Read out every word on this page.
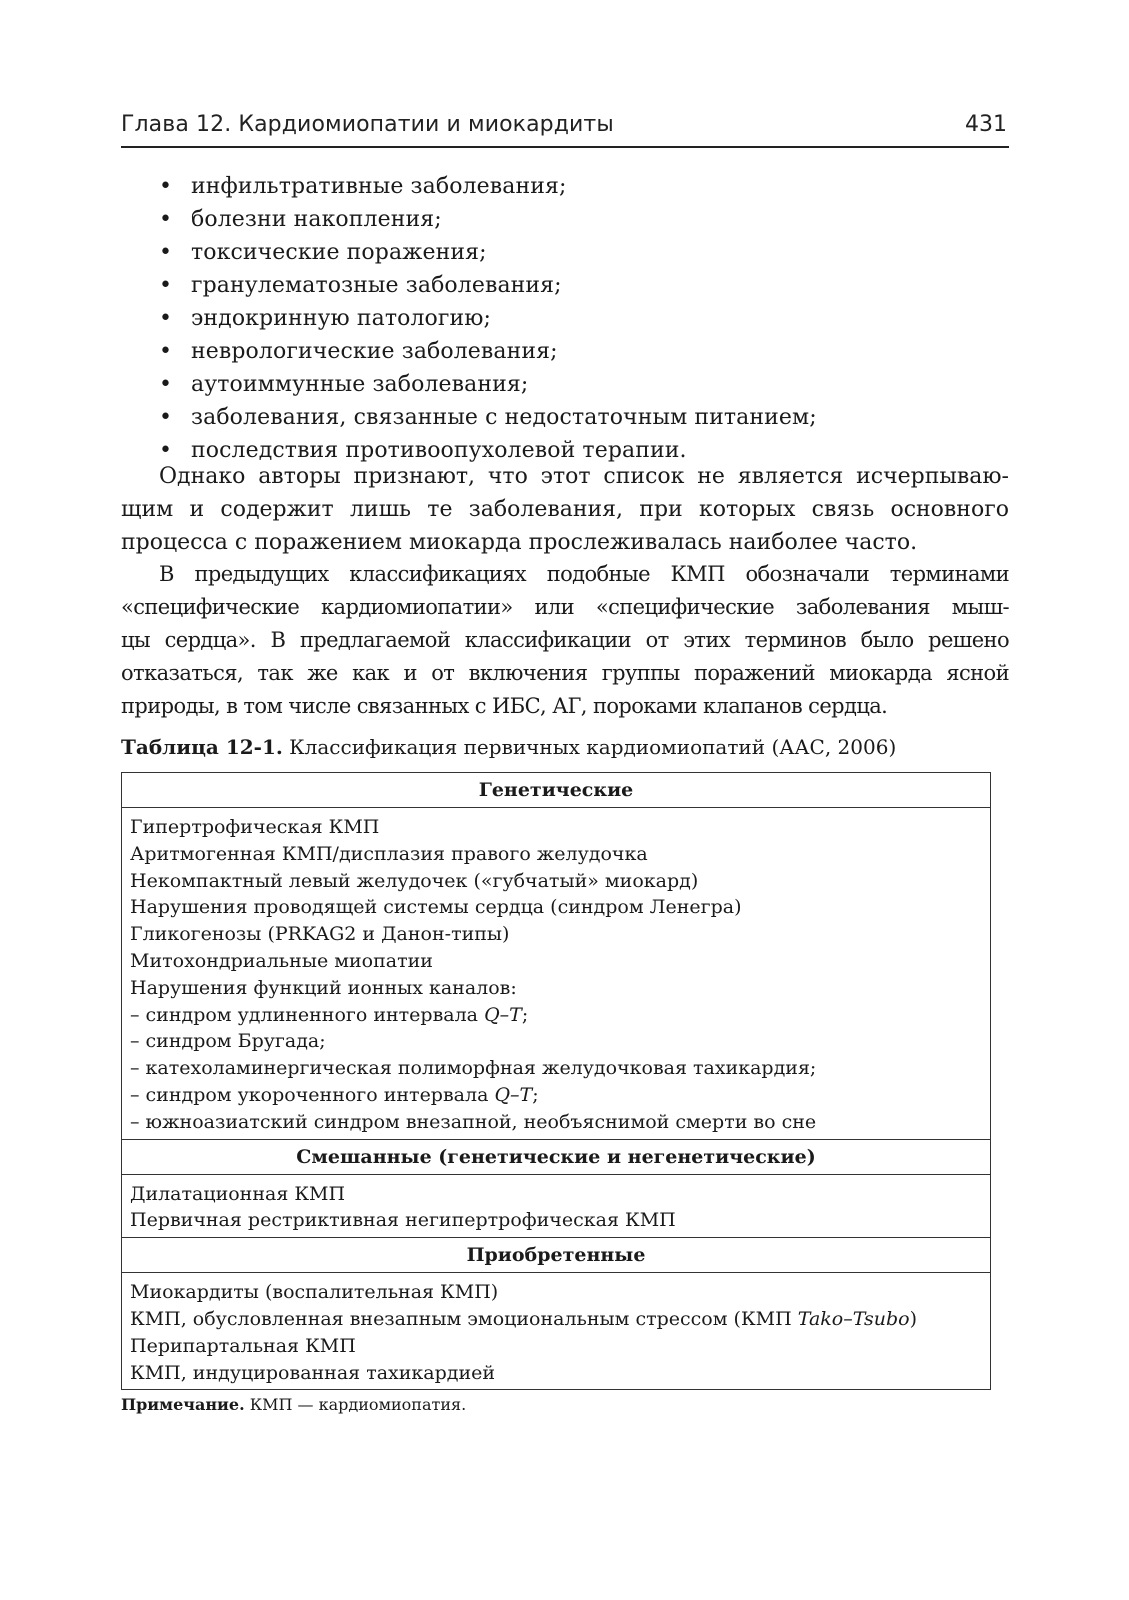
Глава 12. Кардиомиопатии и миокардиты	431
• инфильтративные заболевания;
• болезни накопления;
• токсические поражения;
• гранулематозные заболевания;
• эндокринную патологию;
• неврологические заболевания;
• аутоиммунные заболевания;
• заболевания, связанные с недостаточным питанием;
• последствия противоопухолевой терапии.
Однако авторы признают, что этот список не является исчерпываю-
щим и содержит лишь те заболевания, при которых связь основного
процесса с поражением миокарда прослеживалась наиболее часто.
В предыдущих классификациях подобные КМП обозначали терминами
«специфические кардиомиопатии» или «специфические заболевания мыш-
цы сердца». В предлагаемой классификации от этих терминов было решено
отказаться, так же как и от включения группы поражений миокарда ясной
природы, в том числе связанных с ИБС, АГ, пороками клапанов сердца.
Таблица 12-1. Классификация первичных кардиомиопатий (ААС, 2006)
Генетические
Гипертрофическая КМП
Аритмогенная КМП/дисплазия правого желудочка
Некомпактный левый желудочек («губчатый» миокард)
Нарушения проводящей системы сердца (синдром Ленегра)
Гликогенозы (PRKAG2 и Данон-типы)
Митохондриальные миопатии
Нарушения функций ионных каналов:
– синдром удлиненного интервала Q–T;
– синдром Бругада;
– катехоламинергическая полиморфная желудочковая тахикардия;
– синдром укороченного интервала Q–T;
– южноазиатский синдром внезапной, необъяснимой смерти во сне
Смешанные (генетические и негенетические)
Дилатационная КМП
Первичная рестриктивная негипертрофическая КМП
Приобретенные
Миокардиты (воспалительная КМП)
КМП, обусловленная внезапным эмоциональным стрессом (КМП Tako–Tsubo)
Перипартальная КМП
КМП, индуцированная тахикардией
Примечание. КМП — кардиомиопатия.
